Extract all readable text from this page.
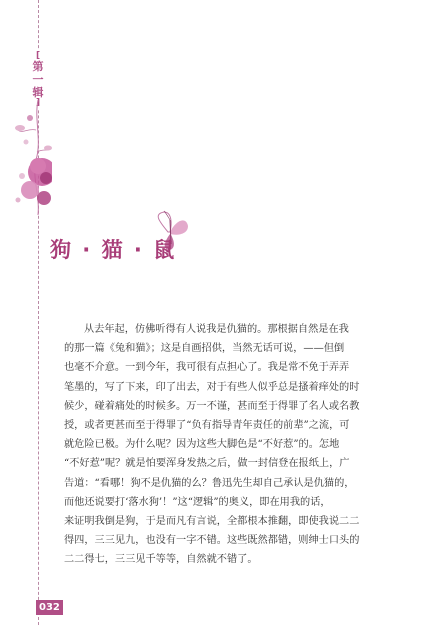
[
第
一
辑
]
狗 · 猫 · 鼠
从去年起，仿佛听得有人说我是仇猫的。那根据自然是在我
的那一篇《兔和猫》；这是自画招供，当然无话可说，——但倒
也毫不介意。一到今年，我可很有点担心了。我是常不免于弄弄
笔墨的，写了下来，印了出去，对于有些人似乎总是搔着痒处的时
候少，碰着痛处的时候多。万一不谨，甚而至于得罪了名人或名教
授，或者更甚而至于得罪了“负有指导青年责任的前辈”之流，可
就危险已极。为什么呢？因为这些大脚色是“不好惹”的。怎地
“不好惹”呢？就是怕要浑身发热之后，做一封信登在报纸上，广
告道：“看哪！狗不是仇猫的么？鲁迅先生却自己承认是仇猫的，
而他还说要打‘落水狗’！”这“逻辑”的奥义，即在用我的话，
来证明我倒是狗，于是而凡有言说，全都根本推翻，即使我说二二
得四，三三见九，也没有一字不错。这些既然都错，则绅士口头的
二二得七，三三见千等等，自然就不错了。
032
